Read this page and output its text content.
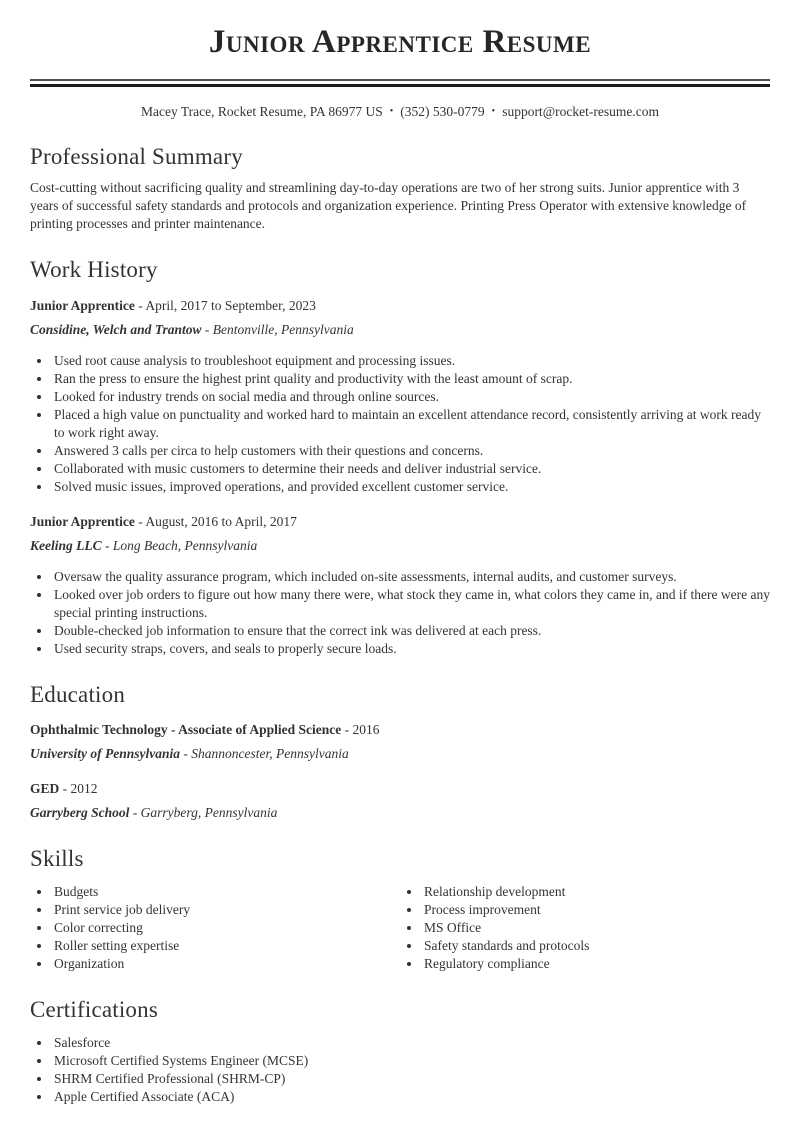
Junior Apprentice Resume
Macey Trace, Rocket Resume, PA 86977 US • (352) 530-0779 • support@rocket-resume.com
Professional Summary

Cost-cutting without sacrificing quality and streamlining day-to-day operations are two of her strong suits. Junior apprentice with 3 years of successful safety standards and protocols and organization experience. Printing Press Operator with extensive knowledge of printing processes and printer maintenance.

Work History

Junior Apprentice - April, 2017 to September, 2023

Considine, Welch and Trantow - Bentonville, Pennsylvania

• Used root cause analysis to troubleshoot equipment and processing issues.
• Ran the press to ensure the highest print quality and productivity with the least amount of scrap.
• Looked for industry trends on social media and through online sources.
• Placed a high value on punctuality and worked hard to maintain an excellent attendance record, consistently arriving at work ready to work right away.
• Answered 3 calls per circa to help customers with their questions and concerns.
• Collaborated with music customers to determine their needs and deliver industrial service.
• Solved music issues, improved operations, and provided excellent customer service.

Junior Apprentice - August, 2016 to April, 2017

Keeling LLC - Long Beach, Pennsylvania

• Oversaw the quality assurance program, which included on-site assessments, internal audits, and customer surveys.
• Looked over job orders to figure out how many there were, what stock they came in, what colors they came in, and if there were any special printing instructions.
• Double-checked job information to ensure that the correct ink was delivered at each press.
• Used security straps, covers, and seals to properly secure loads.
Education

Ophthalmic Technology - Associate of Applied Science - 2016

University of Pennsylvania - Shannoncester, Pennsylvania

GED - 2012

Garryberg School - Garryberg, Pennsylvania

Skills
• Budgets
• Print service job delivery
• Color correcting
• Roller setting expertise
• Organization
• Relationship development
• Process improvement
• MS Office
• Safety standards and protocols
• Regulatory compliance
Certifications
• Salesforce
• Microsoft Certified Systems Engineer (MCSE)
• SHRM Certified Professional (SHRM-CP)
• Apple Certified Associate (ACA)
